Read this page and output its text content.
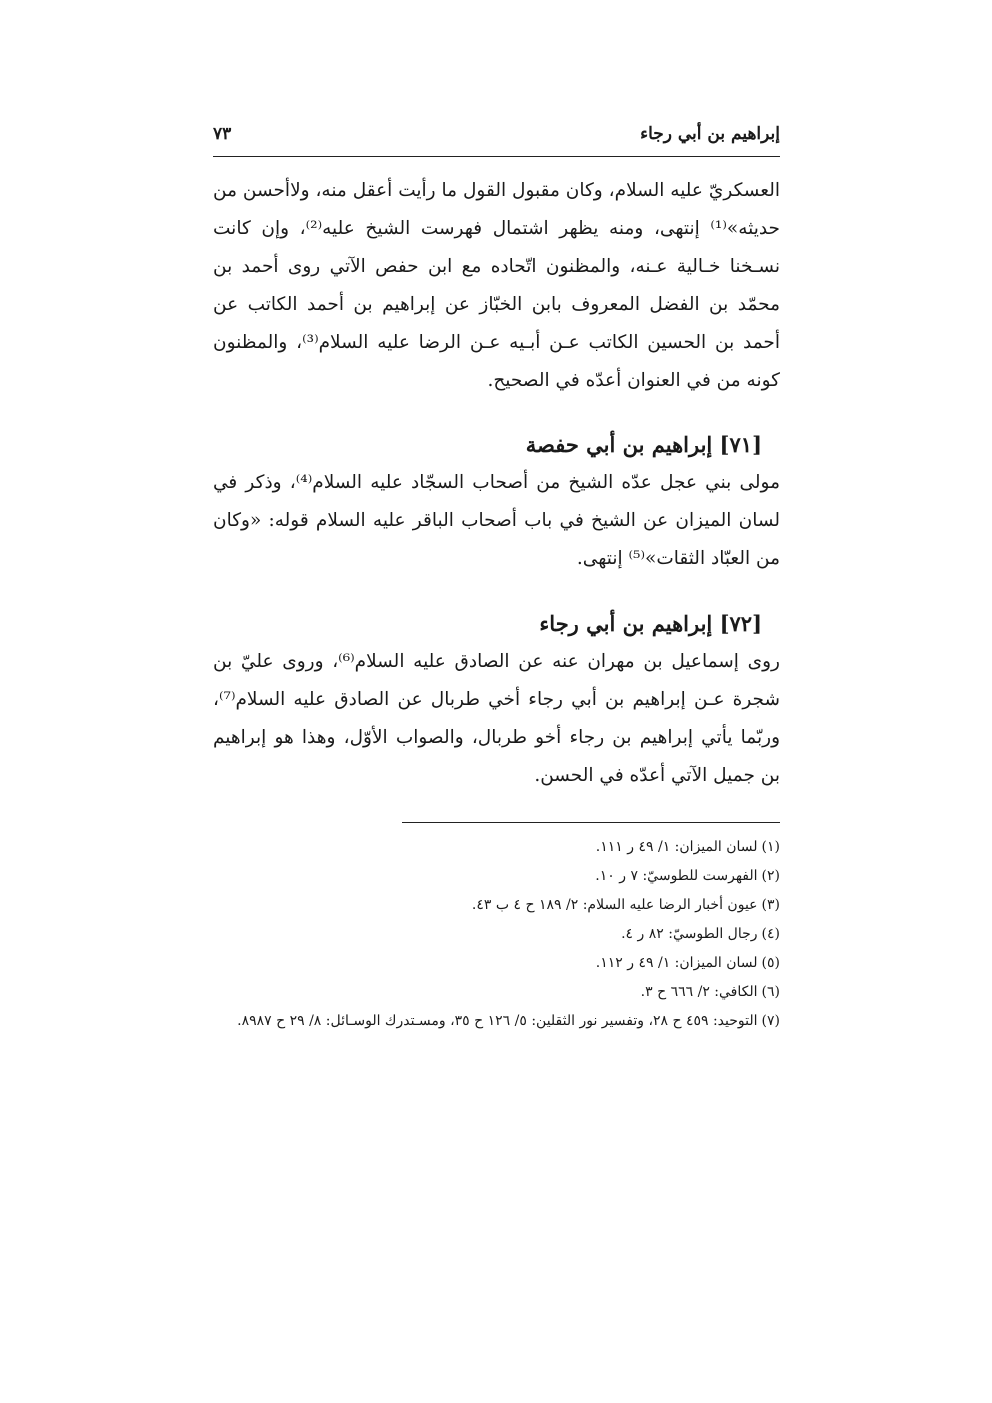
إبراهيم بن أبي رجاء
٧٣

العسكريّ عليه السلام، وكان مقبول القول ما رأيت أعقل منه، ولاأحسن من حديثه»⁽¹⁾ إنتهى، ومنه يظهر اشتمال فهرست الشيخ عليه⁽²⁾، وإن كانت نسـخنا خـالية عـنه، والمظنون اتّحاده مع ابن حفص الآتي روى أحمد بن محمّد بن الفضل المعروف بابن الخبّاز عن إبراهيم بن أحمد الكاتب عن أحمد بن الحسين الكاتب عـن أبـيه عـن الرضا عليه السلام⁽³⁾، والمظنون كونه من في العنوان أعدّه في الصحيح.

[٧١] إبراهيم بن أبي حفصة

مولى بني عجل عدّه الشيخ من أصحاب السجّاد عليه السلام⁽⁴⁾، وذكر في لسان الميزان عن الشيخ في باب أصحاب الباقر عليه السلام قوله: «وكان من العبّاد الثقات»⁽⁵⁾ إنتهى.

[٧٢] إبراهيم بن أبي رجاء

روى إسماعيل بن مهران عنه عن الصادق عليه السلام⁽⁶⁾، وروى عليّ بن شجرة عـن إبراهيم بن أبي رجاء أخي طربال عن الصادق عليه السلام⁽⁷⁾، وربّما يأتي إبراهيم بن رجاء أخو طربال، والصواب الأوّل، وهذا هو إبراهيم بن جميل الآتي أعدّه في الحسن.

(١)لسان الميزان: ١/ ٤٩ ر ١١١.

(٢)الفهرست للطوسيّ: ٧ ر ١٠.

(٣)عيون أخبار الرضا عليه السلام: ٢/ ١٨٩ ح ٤ ب ٤٣.

(٤)رجال الطوسيّ: ٨٢ ر ٤.

(٥)لسان الميزان: ١/ ٤٩ ر ١١٢.

(٦)الكافي: ٢/ ٦٦٦ ح ٣.

(٧)التوحيد: ٤٥٩ ح ٢٨، وتفسير نور الثقلين: ٥/ ١٢٦ ح ٣٥، ومسـتدرك الوسـائل: ٨/ ٢٩ ح ٨٩٨٧.
